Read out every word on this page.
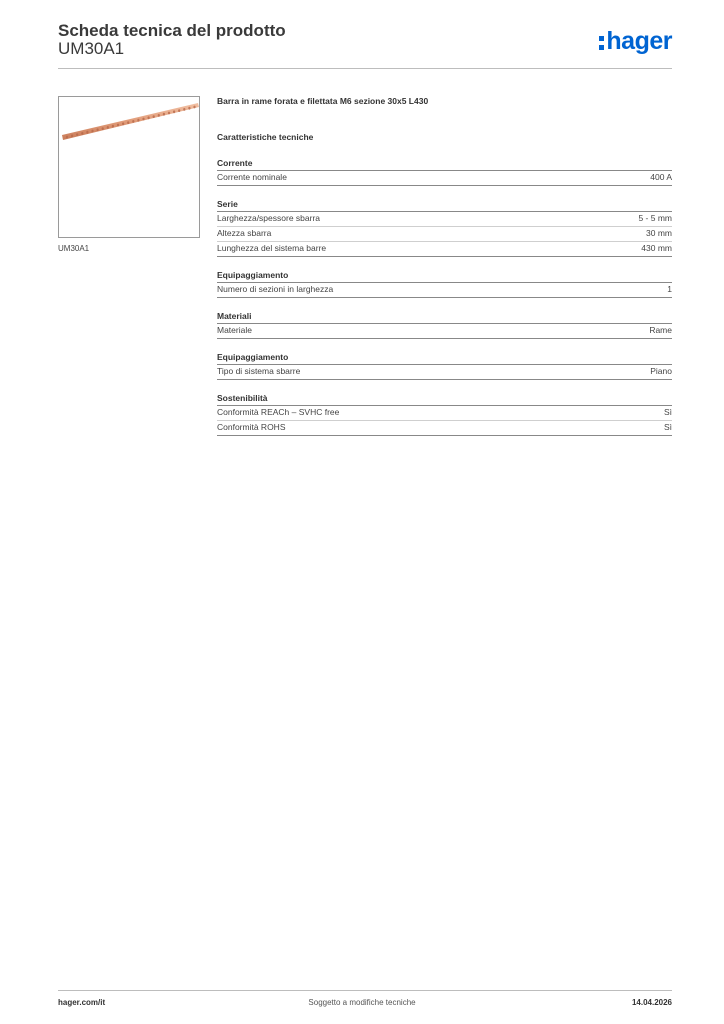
Scheda tecnica del prodotto
UM30A1	hager
UM30A1
Barra in rame forata e filettata M6 sezione 30x5 L430
Caratteristiche tecniche
Corrente
Corrente nominale	400 A
Serie
Larghezza/spessore sbarra	5 - 5 mm
Altezza sbarra	30 mm
Lunghezza del sistema barre	430 mm
Equipaggiamento
Numero di sezioni in larghezza	1
Materiali
Materiale	Rame
Equipaggiamento
Tipo di sistema sbarre	Piano
Sostenibilità
Conformità REACh – SVHC free	Sì
Conformità ROHS	Sì
hager.com/it	Soggetto a modifiche tecniche	14.04.2026
